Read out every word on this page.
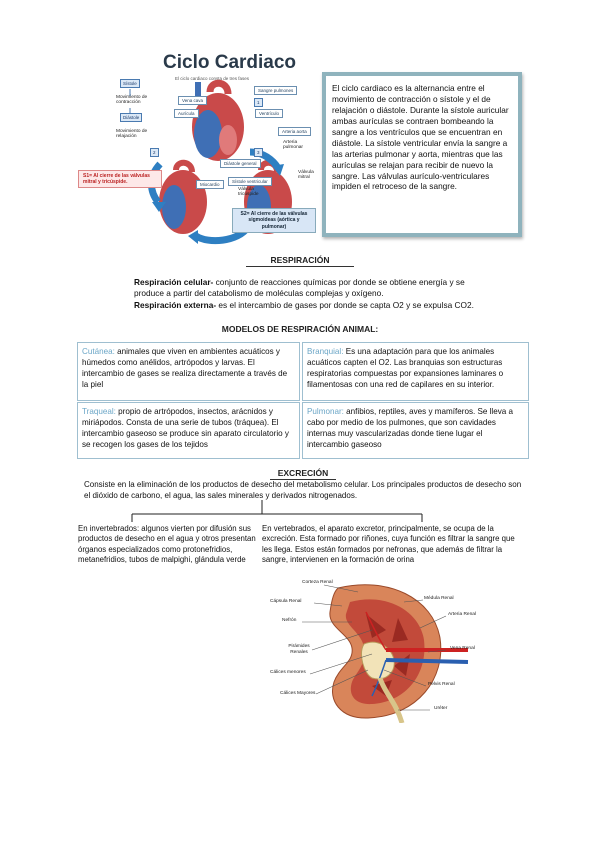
Ciclo Cardiaco
El ciclo cardiaco consta de tres fases
Sístole
Movimiento de contracción
Diástole
Movimiento de relajación
1
2	3
Sangre pulmones
Vena cava
Aurícula	Ventrículo
Arteria aorta
Arteria pulmonar
Diástole general
Válvula mitral
Sístole ventricular
Miocardio
Válvula tricúspide
S1= Al cierre de las válvulas mitral y tricúspide.
S2= Al cierre de las válvulas sigmoideas (aórtica y pulmonar)
El ciclo cardiaco es la alternancia entre el movimiento de contracción o sístole y el de relajación o diástole. Durante la sístole auricular ambas aurículas se contraen bombeando la sangre a los ventrículos que se encuentran en diástole. La sístole ventricular envía la sangre a las arterias pulmonar y aorta, mientras que las aurículas se relajan para recibir de nuevo la sangre. Las válvulas aurículo-ventriculares impiden el retroceso de la sangre.
RESPIRACIÓN
Respiración celular- conjunto de reacciones químicas por donde se obtiene energía y se produce a partir del catabolismo de moléculas complejas y oxígeno.
Respiración externa- es el intercambio de gases por donde se capta O2 y se expulsa CO2.
MODELOS DE RESPIRACIÓN ANIMAL:
Cutánea: animales que viven en ambientes acuáticos y húmedos como anélidos, artrópodos y larvas. El intercambio de gases se realiza directamente a través de la piel
Branquial: Es una adaptación para que los animales acuáticos capten el O2. Las branquias son estructuras respiratorias compuestas por expansiones laminares o filamentosas con una red de capilares en su interior.
Traqueal: propio de artrópodos, insectos, arácnidos y miriápodos. Consta de una serie de tubos (tráquea). El intercambio gaseoso se produce sin aparato circulatorio y se recogen los gases de los tejidos
Pulmonar: anfibios, reptiles, aves y mamíferos. Se lleva a cabo por medio de los pulmones, que son cavidades internas muy vascularizadas donde tiene lugar el intercambio gaseoso
EXCRECIÓN
Consiste en la eliminación de los productos de desecho del metabolismo celular. Los principales productos de desecho son el dióxido de carbono, el agua, las sales minerales y derivados nitrogenados.
En invertebrados: algunos vierten por difusión sus productos de desecho en el agua y otros presentan órganos especializados como protonefridios, metanefridios, tubos de malpighi, glándula verde
En vertebrados, el aparato excretor, principalmente, se ocupa de la excreción. Esta formado por riñones, cuya función es filtrar la sangre que les llega. Estos están formados por nefronas, que además de filtrar la sangre, intervienen en la formación de orina
Corteza Renal
Cápsula Renal
Nefrón
Pirámides Renales
Cálices menores
Cálices Mayores
Médula Renal
Arteria Renal
Vena Renal
Pelvis Renal
Uréter
